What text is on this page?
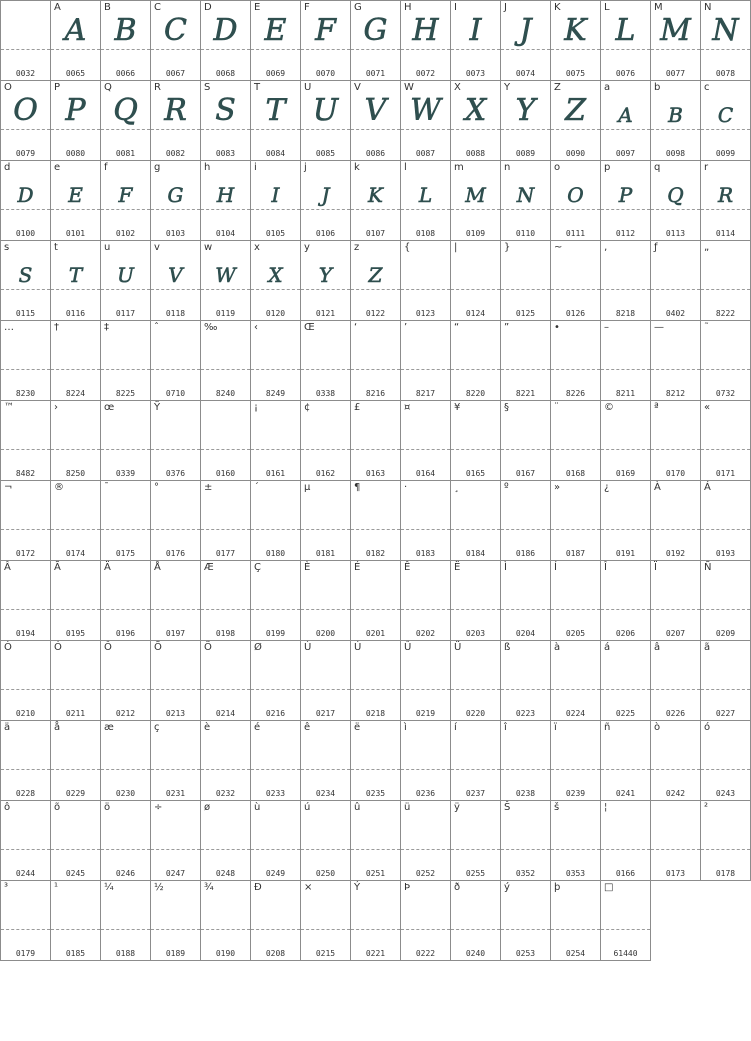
0032
A
A
0065
B
B
0066
C
C
0067
D
D
0068
E
E
0069
F
F
0070
G
G
0071
H
H
0072
I
I
0073
J
J
0074
K
K
0075
L
L
0076
M
M
0077
N
N
0078
O
O
0079
P
P
0080
Q
Q
0081
R
R
0082
S
S
0083
T
T
0084
U
U
0085
V
V
0086
W
W
0087
X
X
0088
Y
Y
0089
Z
Z
0090
a
A
0097
b
B
0098
c
C
0099
d
D
0100
e
E
0101
f
F
0102
g
G
0103
h
H
0104
i
I
0105
j
J
0106
k
K
0107
l
L
0108
m
M
0109
n
N
0110
o
O
0111
p
P
0112
q
Q
0113
r
R
0114
s
S
0115
t
T
0116
u
U
0117
v
V
0118
w
W
0119
x
X
0120
y
Y
0121
z
Z
0122
{
0123
|
0124
}
0125
~
0126
‚
8218
ƒ
0402
„
8222
…
8230
†
8224
‡
8225
ˆ
0710
‰
8240
‹
8249
Œ
0338
‘
8216
’
8217
“
8220
”
8221
•
8226
–
8211
—
8212
˜
0732
™
8482
›
8250
œ
0339
Ÿ
0376	0160
¡
0161
¢
0162
£
0163
¤
0164
¥
0165
§
0167
¨
0168
©
0169
ª
0170
«
0171
¬
0172
®
0174
¯
0175
°
0176
±
0177
´
0180
µ
0181
¶
0182
·
0183
¸
0184
º
0186
»
0187
¿
0191
À
0192
Á
0193
Â
0194
Ã
0195
Ä
0196
Å
0197
Æ
0198
Ç
0199
È
0200
É
0201
Ê
0202
Ë
0203
Ì
0204
Í
0205
Î
0206
Ï
0207
Ñ
0209
Ò
0210
Ó
0211
Ô
0212
Õ
0213
Ö
0214
Ø
0216
Ù
0217
Ú
0218
Û
0219
Ü
0220
ß
0223
à
0224
á
0225
â
0226
ã
0227
ä
0228
å
0229
æ
0230
ç
0231
è
0232
é
0233
ê
0234
ë
0235
ì
0236
í
0237
î
0238
ï
0239
ñ
0241
ò
0242
ó
0243
ô
0244
õ
0245
ö
0246
÷
0247
ø
0248
ù
0249
ú
0250
û
0251
ü
0252
ÿ
0255
Š
0352
š
0353
¦
0166	0173
²
0178
³
0179
¹
0185
¼
0188
½
0189
¾
0190
Ð
0208
×
0215
Ý
0221
Þ
0222
ð
0240
ý
0253
þ
0254
□
61440
